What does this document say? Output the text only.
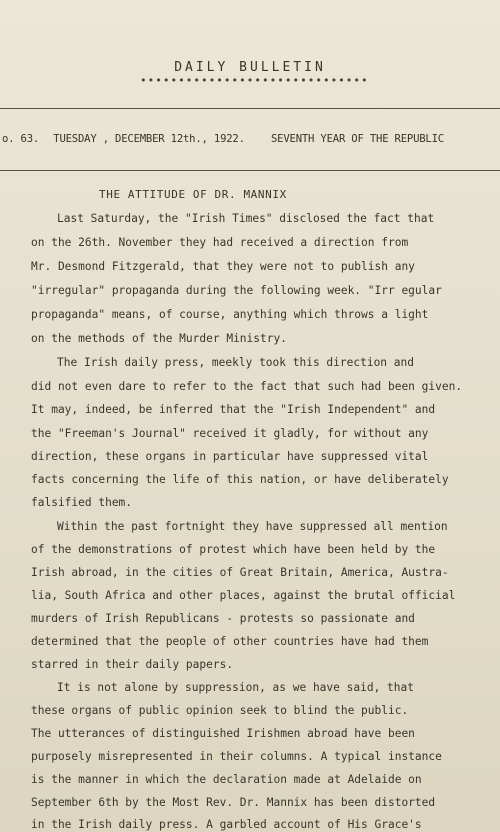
DAILY BULLETIN
••••••••••••••••••••••••••••••
o. 63. TUESDAY , DECEMBER 12th., 1922. SEVENTH YEAR OF THE REPUBLIC
THE ATTITUDE OF DR. MANNIX
Last Saturday, the "Irish Times" disclosed the fact that
on the 26th. November they had received a direction from
Mr. Desmond Fitzgerald, that they were not to publish any
"irregular" propaganda during the following week. "Irr egular
propaganda" means, of course, anything which throws a light
on the methods of the Murder Ministry.
The Irish daily press, meekly took this direction and
did not even dare to refer to the fact that such had been given.
It may, indeed, be inferred that the "Irish Independent" and
the "Freeman's Journal" received it gladly, for without any
direction, these organs in particular have suppressed vital
facts concerning the life of this nation, or have deliberately
falsified them.
Within the past fortnight they have suppressed all mention
of the demonstrations of protest which have been held by the
Irish abroad, in the cities of Great Britain, America, Austra-
lia, South Africa and other places, against the brutal official
murders of Irish Republicans - protests so passionate and
determined that the people of other countries have had them
starred in their daily papers.
It is not alone by suppression, as we have said, that
these organs of public opinion seek to blind the public.
The utterances of distinguished Irishmen abroad have been
purposely misrepresented in their columns. A typical instance
is the manner in which the declaration made at Adelaide on
September 6th by the Most Rev. Dr. Mannix has been distorted
in the Irish daily press. A garbled account of His Grace's
